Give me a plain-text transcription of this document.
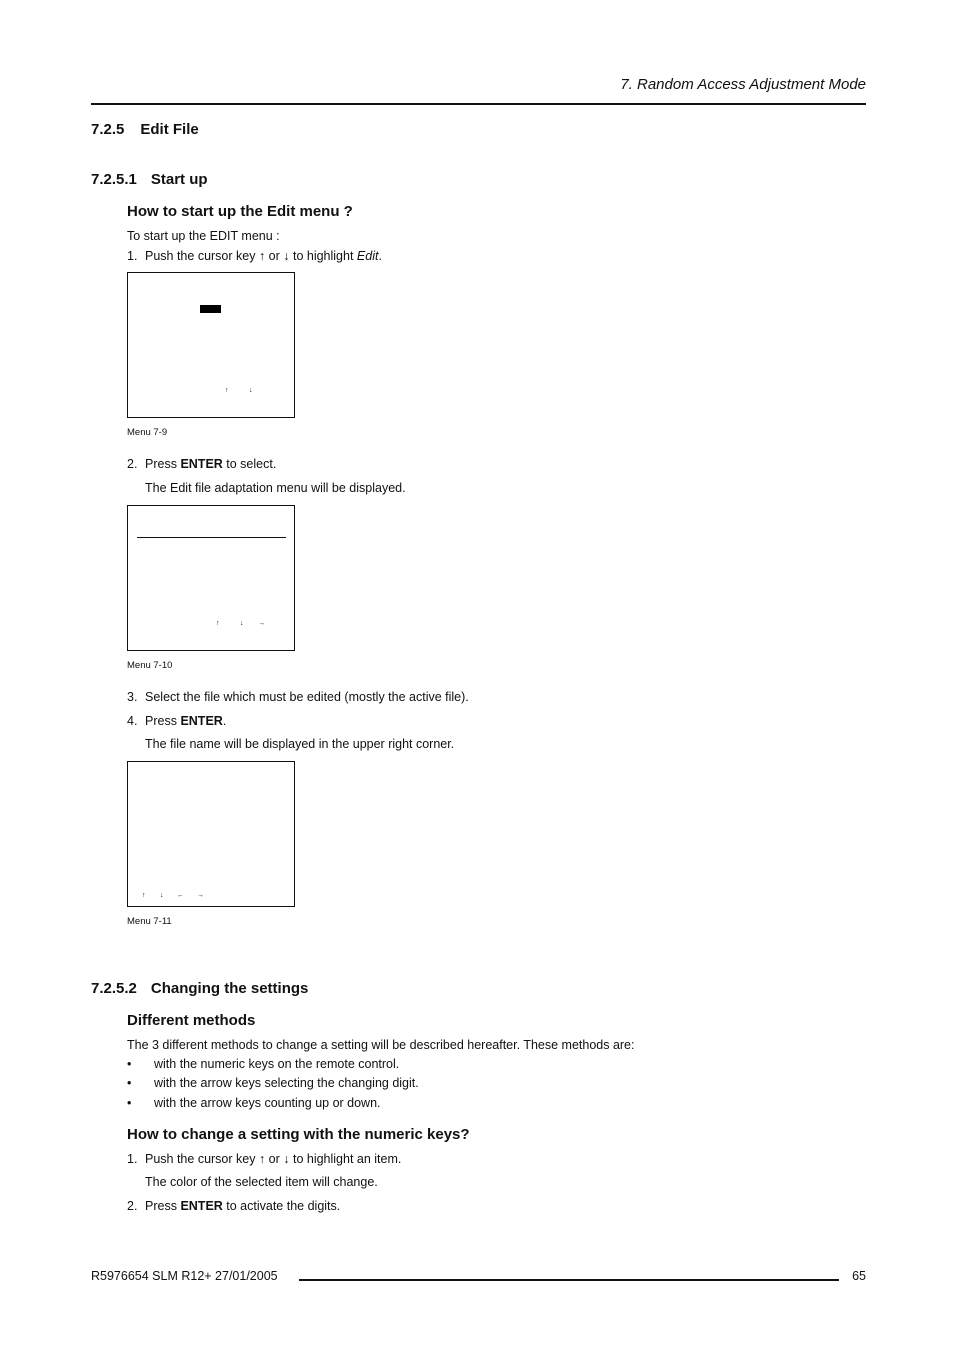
7. Random Access Adjustment Mode
7.2.5 Edit File
7.2.5.1 Start up
How to start up the Edit menu ?
To start up the EDIT menu :
1. Push the cursor key ↑ or ↓ to highlight Edit.
↑	↓
Menu 7-9
2. Press ENTER to select.
The Edit file adaptation menu will be displayed.
↑	↓ →
Menu 7-10
3. Select the file which must be edited (mostly the active file).
4. Press ENTER.
The file name will be displayed in the upper right corner.
↑ ↓ ← →
Menu 7-11
7.2.5.2 Changing the settings
Different methods
The 3 different methods to change a setting will be described hereafter. These methods are:
• with the numeric keys on the remote control.
• with the arrow keys selecting the changing digit.
• with the arrow keys counting up or down.
How to change a setting with the numeric keys?
1. Push the cursor key ↑ or ↓ to highlight an item.
The color of the selected item will change.
2. Press ENTER to activate the digits.
R5976654 SLM R12+ 27/01/2005	65
